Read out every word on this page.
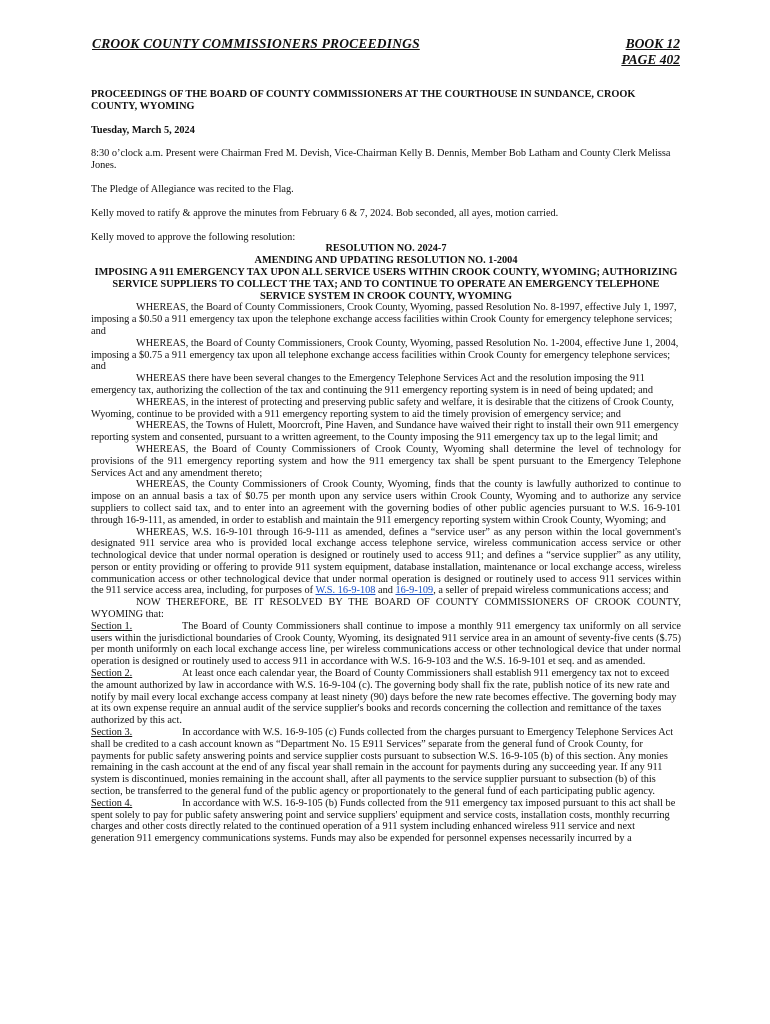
CROOK COUNTY COMMISSIONERS PROCEEDINGS	BOOK 12
PAGE 402

PROCEEDINGS OF THE BOARD OF COUNTY COMMISSIONERS AT THE COURTHOUSE IN SUNDANCE, CROOK COUNTY, WYOMING

Tuesday, March 5, 2024

8:30 o’clock a.m. Present were Chairman Fred M. Devish, Vice-Chairman Kelly B. Dennis, Member Bob Latham and County Clerk Melissa Jones.

The Pledge of Allegiance was recited to the Flag.

Kelly moved to ratify & approve the minutes from February 6 & 7, 2024. Bob seconded, all ayes, motion carried.

Kelly moved to approve the following resolution:

RESOLUTION NO. 2024-7

AMENDING AND UPDATING RESOLUTION NO. 1-2004

IMPOSING A 911 EMERGENCY TAX UPON ALL SERVICE USERS WITHIN CROOK COUNTY, WYOMING; AUTHORIZING SERVICE SUPPLIERS TO COLLECT THE TAX; AND TO CONTINUE TO OPERATE AN EMERGENCY TELEPHONE SERVICE SYSTEM IN CROOK COUNTY, WYOMING

WHEREAS, the Board of County Commissioners, Crook County, Wyoming, passed Resolution No. 8-1997, effective July 1, 1997, imposing a $0.50 a 911 emergency tax upon the telephone exchange access facilities within Crook County for emergency telephone services; and

WHEREAS, the Board of County Commissioners, Crook County, Wyoming, passed Resolution No. 1-2004, effective June 1, 2004, imposing a $0.75 a 911 emergency tax upon all telephone exchange access facilities within Crook County for emergency telephone services; and

WHEREAS there have been several changes to the Emergency Telephone Services Act and the resolution imposing the 911 emergency tax, authorizing the collection of the tax and continuing the 911 emergency reporting system is in need of being updated; and

WHEREAS, in the interest of protecting and preserving public safety and welfare, it is desirable that the citizens of Crook County, Wyoming, continue to be provided with a 911 emergency reporting system to aid the timely provision of emergency service; and

WHEREAS, the Towns of Hulett, Moorcroft, Pine Haven, and Sundance have waived their right to install their own 911 emergency reporting system and consented, pursuant to a written agreement, to the County imposing the 911 emergency tax up to the legal limit; and

WHEREAS, the Board of County Commissioners of Crook County, Wyoming shall determine the level of technology for provisions of the 911 emergency reporting system and how the 911 emergency tax shall be spent pursuant to the Emergency Telephone Services Act and any amendment thereto;

WHEREAS, the County Commissioners of Crook County, Wyoming, finds that the county is lawfully authorized to continue to impose on an annual basis a tax of $0.75 per month upon any service users within Crook County, Wyoming and to authorize any service suppliers to collect said tax, and to enter into an agreement with the governing bodies of other public agencies pursuant to W.S. 16-9-101 through 16-9-111, as amended, in order to establish and maintain the 911 emergency reporting system within Crook County, Wyoming; and

WHEREAS, W.S. 16-9-101 through 16-9-111 as amended, defines a “service user” as any person within the local government's designated 911 service area who is provided local exchange access telephone service, wireless communication access service or other technological device that under normal operation is designed or routinely used to access 911; and defines a “service supplier” as any utility, person or entity providing or offering to provide 911 system equipment, database installation, maintenance or local exchange access, wireless communication access or other technological device that under normal operation is designed or routinely used to access 911 services within the 911 service access area, including, for purposes of W.S. 16-9-108 and 16-9-109, a seller of prepaid wireless communications access; and

NOW THEREFORE, BE IT RESOLVED BY THE BOARD OF COUNTY COMMISSIONERS OF CROOK COUNTY, WYOMING that:

Section 1.	The Board of County Commissioners shall continue to impose a monthly 911 emergency tax uniformly on all service users within the jurisdictional boundaries of Crook County, Wyoming, its designated 911 service area in an amount of seventy-five cents ($.75) per month uniformly on each local exchange access line, per wireless communications access or other technological device that under normal operation is designed or routinely used to access 911 in accordance with W.S. 16-9-103 and the W.S. 16-9-101 et seq. and as amended.

Section 2.	At least once each calendar year, the Board of County Commissioners shall establish 911 emergency tax not to exceed the amount authorized by law in accordance with W.S. 16-9-104 (c). The governing body shall fix the rate, publish notice of its new rate and notify by mail every local exchange access company at least ninety (90) days before the new rate becomes effective. The governing body may at its own expense require an annual audit of the service supplier's books and records concerning the collection and remittance of the taxes authorized by this act.

Section 3.	In accordance with W.S. 16-9-105 (c) Funds collected from the charges pursuant to Emergency Telephone Services Act shall be credited to a cash account known as “Department No. 15 E911 Services” separate from the general fund of Crook County, for payments for public safety answering points and service supplier costs pursuant to subsection W.S. 16-9-105 (b) of this section. Any monies remaining in the cash account at the end of any fiscal year shall remain in the account for payments during any succeeding year. If any 911 system is discontinued, monies remaining in the account shall, after all payments to the service supplier pursuant to subsection (b) of this section, be transferred to the general fund of the public agency or proportionately to the general fund of each participating public agency.

Section 4.	In accordance with W.S. 16-9-105 (b) Funds collected from the 911 emergency tax imposed pursuant to this act shall be spent solely to pay for public safety answering point and service suppliers' equipment and service costs, installation costs, monthly recurring charges and other costs directly related to the continued operation of a 911 system including enhanced wireless 911 service and next generation 911 emergency communications systems. Funds may also be expended for personnel expenses necessarily incurred by a
